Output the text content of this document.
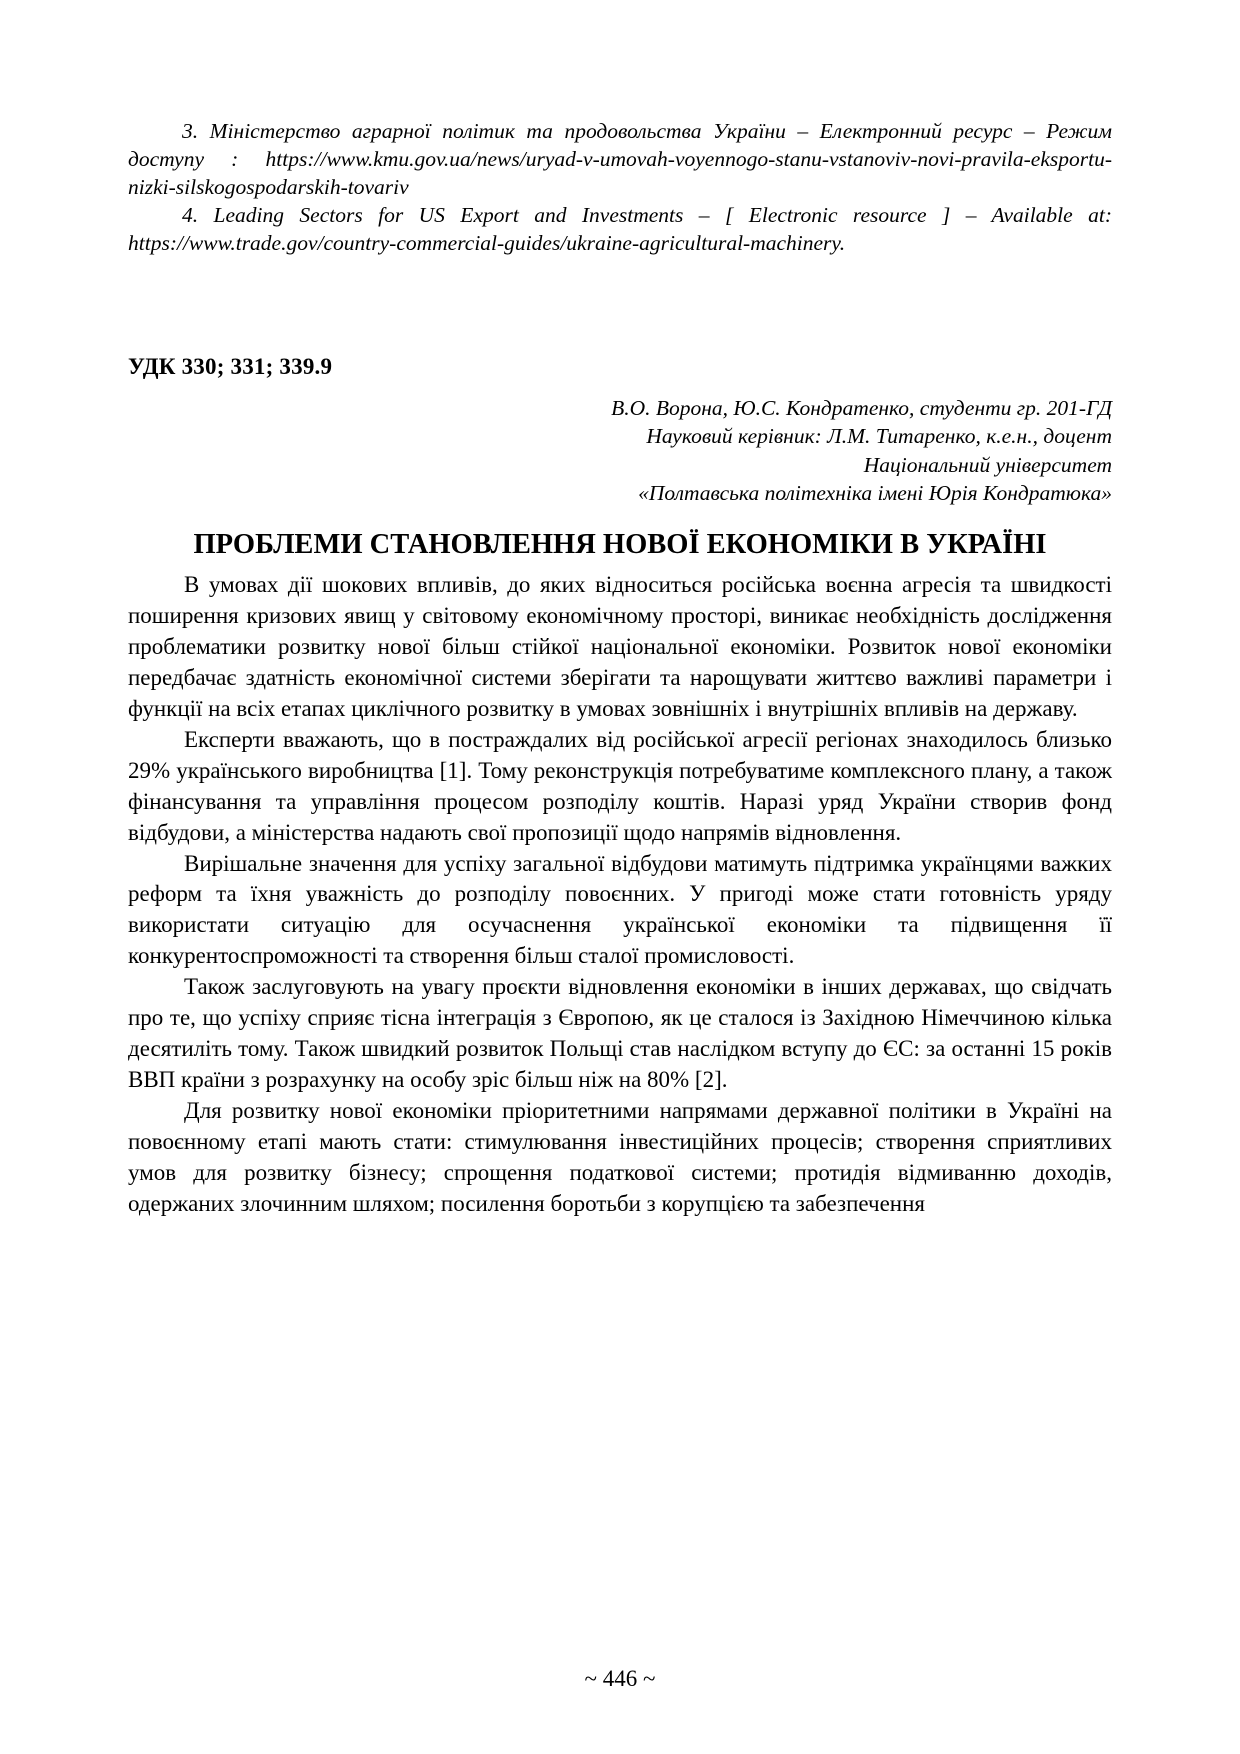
3. Міністерство аграрної політик та продовольства України – Електронний ресурс – Режим доступу : https://www.kmu.gov.ua/news/uryad-v-umovah-voyennogo-stanu-vstanoviv-novi-pravila-eksportu-nizki-silskogospodarskih-tovariv

4. Leading Sectors for US Export and Investments – [ Electronic resource ] – Available at: https://www.trade.gov/country-commercial-guides/ukraine-agricultural-machinery.

УДК 330; 331; 339.9
В.О. Ворона, Ю.С. Кондратенко, студенти гр. 201-ГД
Науковий керівник: Л.М. Титаренко, к.е.н., доцент
Національний університет
«Полтавська політехніка імені Юрія Кондратюка»
ПРОБЛЕМИ СТАНОВЛЕННЯ НОВОЇ ЕКОНОМІКИ В УКРАЇНІ

В умовах дії шокових впливів, до яких відноситься російська воєнна агресія та швидкості поширення кризових явищ у світовому економічному просторі, виникає необхідність дослідження проблематики розвитку нової більш стійкої національної економіки. Розвиток нової економіки передбачає здатність економічної системи зберігати та нарощувати життєво важливі параметри і функції на всіх етапах циклічного розвитку в умовах зовнішніх і внутрішніх впливів на державу.

Експерти вважають, що в постраждалих від російської агресії регіонах знаходилось близько 29% українського виробництва [1]. Тому реконструкція потребуватиме комплексного плану, а також фінансування та управління процесом розподілу коштів. Наразі уряд України створив фонд відбудови, а міністерства надають свої пропозиції щодо напрямів відновлення.

Вирішальне значення для успіху загальної відбудови матимуть підтримка українцями важких реформ та їхня уважність до розподілу повоєнних. У пригоді може стати готовність уряду використати ситуацію для осучаснення української економіки та підвищення її конкурентоспроможності та створення більш сталої промисловості.

Також заслуговують на увагу проєкти відновлення економіки в інших державах, що свідчать про те, що успіху сприяє тісна інтеграція з Європою, як це сталося із Західною Німеччиною кілька десятиліть тому. Також швидкий розвиток Польщі став наслідком вступу до ЄС: за останні 15 років ВВП країни з розрахунку на особу зріс більш ніж на 80% [2].

Для розвитку нової економіки пріоритетними напрямами державної політики в Україні на повоєнному етапі мають стати: стимулювання інвестиційних процесів; створення сприятливих умов для розвитку бізнесу; спрощення податкової системи; протидія відмиванню доходів, одержаних злочинним шляхом; посилення боротьби з корупцією та забезпечення

~ 446 ~
